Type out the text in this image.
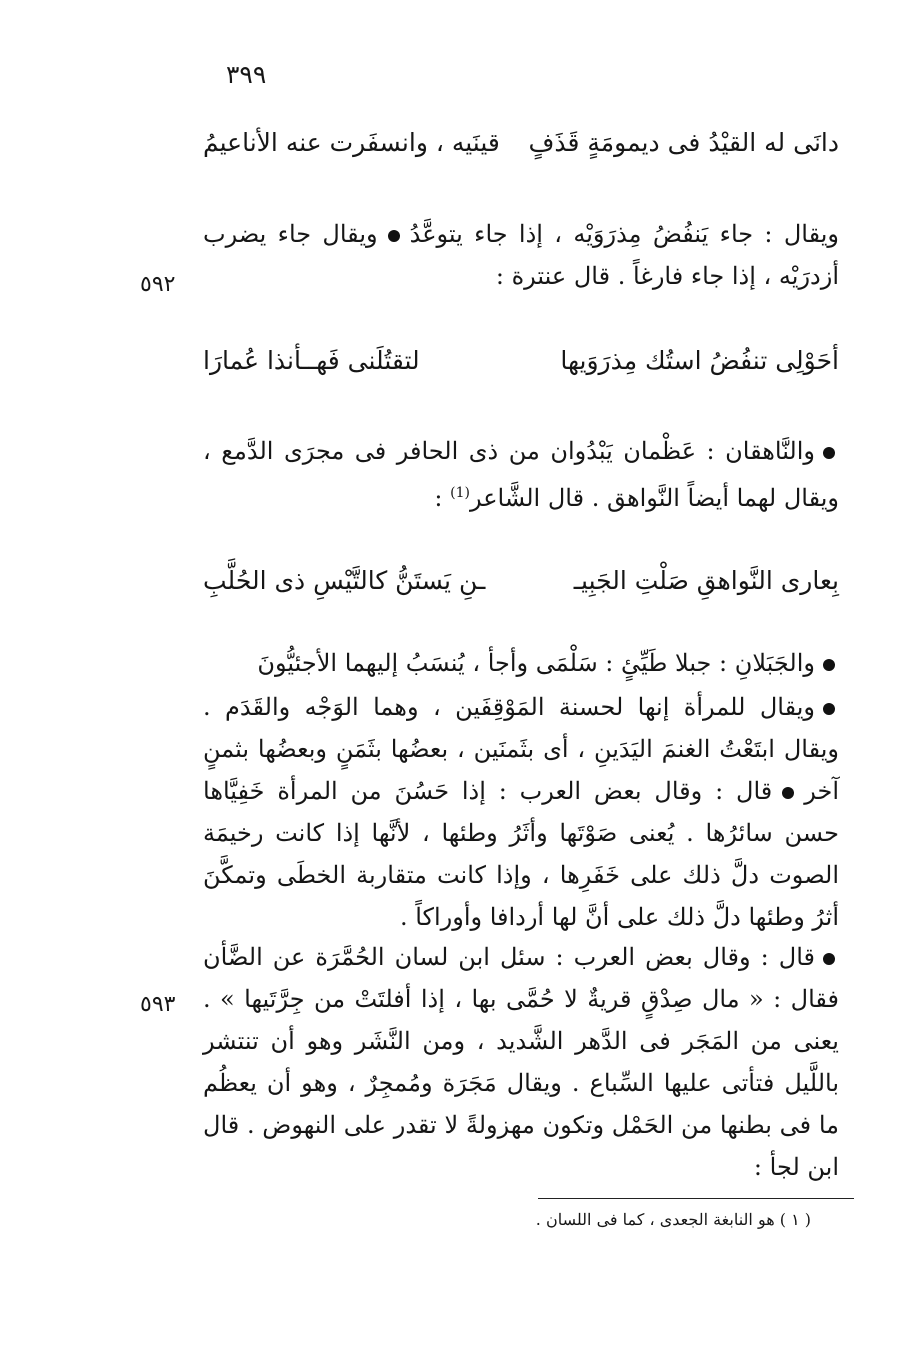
٣٩٩
دانَى له القيْدُ فى ديمومَةٍ قَذَفٍ
قينَيه ، وانسفَرت عنه الأناعيمُ
ويقال : جاء يَنفُضُ مِذرَوَيْه ، إذا جاء يتوعَّدُويقال جاء يضرب أزدرَيْه ، إذا جاء فارغاً . قال عنترة :
٥٩٢
أحَوْلِى تنفُضُ استُك مِذرَوَيها
لتقتُلَنى فَهــأنذا عُمارَا
والنَّاهقان : عَظْمان يَبْدُوان من ذى الحافر فى مجرَى الدَّمع ، ويقال لهما أيضاً النَّواهق . قال الشَّاعر$^{(1)}$ :
بِعارى النَّواهقِ صَلْتِ الجَبِيـ
ـنِ يَستَنُّ كالتَّيْسِ ذى الحُلَّبِ
والجَبَلانِ : جبلا طَيِّئٍ : سَلْمَى وأجأ ، يُنسَبُ إليهما الأجئيُّونَ
ويقال للمرأة إنها لحسنة المَوْقِفَين ، وهما الوَجْه والقَدَم . ويقال ابتَعْتُ الغنمَ اليَدَينِ ، أى بثَمنَين ، بعضُها بثَمَنٍ وبعضُها بثمنٍ آخرقال : وقال بعض العرب : إذا حَسُنَ من المرأة خَفِيَّاها حسن سائرُها . يُعنى صَوْتَها وأثَرُ وطئها ، لأنَّها إذا كانت رخيمَة الصوت دلَّ ذلك على خَفَرِها ، وإذا كانت متقاربة الخطَى وتمكَّنَ أثرُ وطئها دلَّ ذلك على أنَّ لها أردافا وأوراكاً .
قال : وقال بعض العرب : سئل ابن لسان الحُمَّرَة عن الضَّأن فقال : « مال صِدْقٍ قريةٌ لا حُمَّى بها ، إذا أفلتَتْ من جِرَّتَيها » . يعنى من المَجَر فى الدَّهر الشَّديد ، ومن النَّشَر وهو أن تنتشر باللَّيل فتأتى عليها السِّباع . ويقال مَجَرَة ومُمجِرٌ ، وهو أن يعظُم ما فى بطنها من الحَمْل وتكون مهزولةً لا تقدر على النهوض . قال ابن لجأ :
٥٩٣
( ١ ) هو النابغة الجعدى ، كما فى اللسان .
